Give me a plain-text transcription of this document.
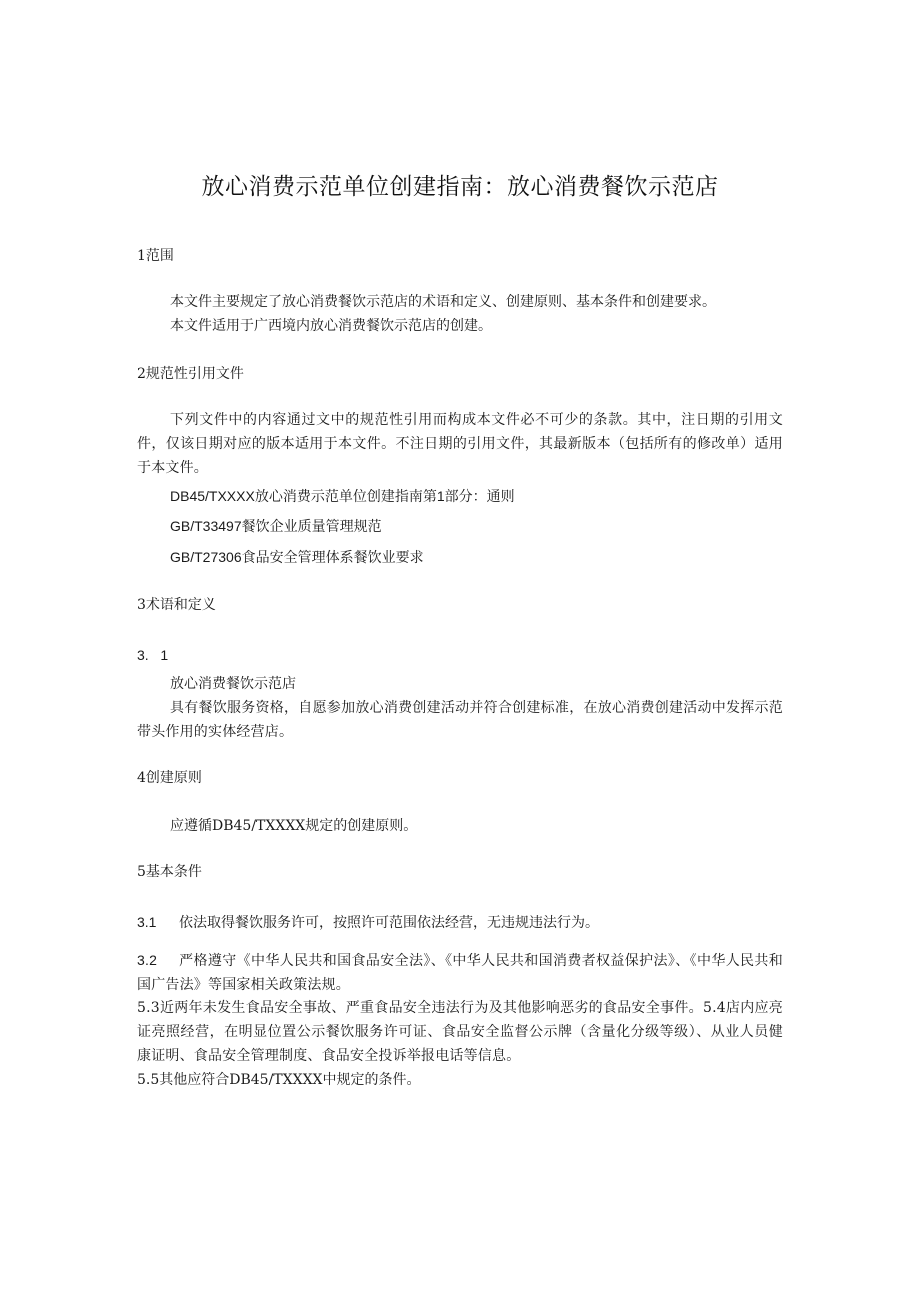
放心消费示范单位创建指南：放心消费餐饮示范店
1范围
本文件主要规定了放心消费餐饮示范店的术语和定义、创建原则、基本条件和创建要求。
本文件适用于广西境内放心消费餐饮示范店的创建。
2规范性引用文件
下列文件中的内容通过文中的规范性引用而构成本文件必不可少的条款。其中，注日期的引用文件，仅该日期对应的版本适用于本文件。不注日期的引用文件，其最新版本（包括所有的修改单）适用于本文件。
DB45/TXXXX放心消费示范单位创建指南第1部分：通则
GB/T33497餐饮企业质量管理规范
GB/T27306食品安全管理体系餐饮业要求
3术语和定义
3.   1
放心消费餐饮示范店
具有餐饮服务资格，自愿参加放心消费创建活动并符合创建标准，在放心消费创建活动中发挥示范带头作用的实体经营店。
4创建原则
应遵循DB45/TXXXX规定的创建原则。
5基本条件
3.1 依法取得餐饮服务许可，按照许可范围依法经营，无违规违法行为。
3.2 严格遵守《中华人民共和国食品安全法》、《中华人民共和国消费者权益保护法》、《中华人民共和国广告法》等国家相关政策法规。
5.3近两年未发生食品安全事故、严重食品安全违法行为及其他影响恶劣的食品安全事件。5.4店内应亮证亮照经营，在明显位置公示餐饮服务许可证、食品安全监督公示牌（含量化分级等级）、从业人员健康证明、食品安全管理制度、食品安全投诉举报电话等信息。
5.5其他应符合DB45/TXXXX中规定的条件。
